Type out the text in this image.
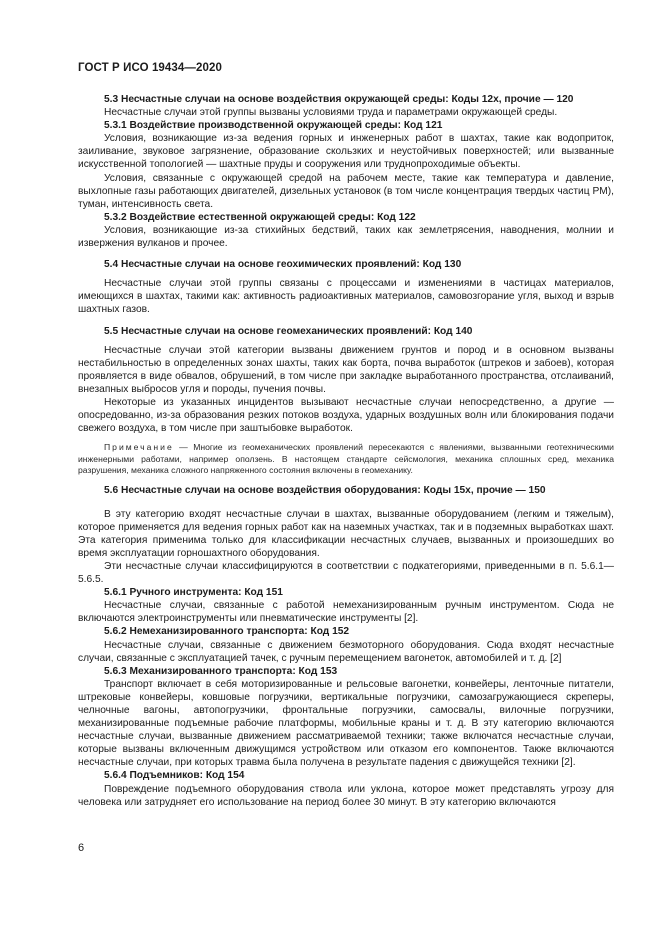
ГОСТ Р ИСО 19434—2020

5.3 Несчастные случаи на основе воздействия окружающей среды: Коды 12x, прочие — 120

Несчастные случаи этой группы вызваны условиями труда и параметрами окружающей среды.

5.3.1 Воздействие производственной окружающей среды: Код 121

Условия, возникающие из-за ведения горных и инженерных работ в шахтах, такие как водоприток, заиливание, звуковое загрязнение, образование скользких и неустойчивых поверхностей; или вызванные искусственной топологией — шахтные пруды и сооружения или труднопроходимые объекты.

Условия, связанные с окружающей средой на рабочем месте, такие как температура и давление, выхлопные газы работающих двигателей, дизельных установок (в том числе концентрация твердых частиц PM), туман, интенсивность света.

5.3.2 Воздействие естественной окружающей среды: Код 122

Условия, возникающие из-за стихийных бедствий, таких как землетрясения, наводнения, молнии и извержения вулканов и прочее.

5.4 Несчастные случаи на основе геохимических проявлений: Код 130

Несчастные случаи этой группы связаны с процессами и изменениями в частицах материалов, имеющихся в шахтах, такими как: активность радиоактивных материалов, самовозгорание угля, выход и взрыв шахтных газов.

5.5 Несчастные случаи на основе геомеханических проявлений: Код 140

Несчастные случаи этой категории вызваны движением грунтов и пород и в основном вызваны нестабильностью в определенных зонах шахты, таких как борта, почва выработок (штреков и забоев), которая проявляется в виде обвалов, обрушений, в том числе при закладке выработанного пространства, отслаиваний, внезапных выбросов угля и породы, пучения почвы.

Некоторые из указанных инцидентов вызывают несчастные случаи непосредственно, а другие — опосредованно, из-за образования резких потоков воздуха, ударных воздушных волн или блокирования подачи свежего воздуха, в том числе при заштыбовке выработок.

Примечание — Многие из геомеханических проявлений пересекаются с явлениями, вызванными геотехническими инженерными работами, например оползень. В настоящем стандарте сейсмология, механика сплошных сред, механика разрушения, механика сложного напряженного состояния включены в геомеханику.

5.6 Несчастные случаи на основе воздействия оборудования: Коды 15x, прочие — 150

В эту категорию входят несчастные случаи в шахтах, вызванные оборудованием (легким и тяжелым), которое применяется для ведения горных работ как на наземных участках, так и в подземных выработках шахт. Эта категория применима только для классификации несчастных случаев, вызванных и произошедших во время эксплуатации горношахтного оборудования.

Эти несчастные случаи классифицируются в соответствии с подкатегориями, приведенными в п. 5.6.1—5.6.5.

5.6.1 Ручного инструмента: Код 151

Несчастные случаи, связанные с работой немеханизированным ручным инструментом. Сюда не включаются электроинструменты или пневматические инструменты [2].

5.6.2 Немеханизированного транспорта: Код 152

Несчастные случаи, связанные с движением безмоторного оборудования. Сюда входят несчастные случаи, связанные с эксплуатацией тачек, с ручным перемещением вагонеток, автомобилей и т. д. [2]

5.6.3 Механизированного транспорта: Код 153

Транспорт включает в себя моторизированные и рельсовые вагонетки, конвейеры, ленточные питатели, штрековые конвейеры, ковшовые погрузчики, вертикальные погрузчики, самозагружающиеся скреперы, челночные вагоны, автопогрузчики, фронтальные погрузчики, самосвалы, вилочные погрузчики, механизированные подъемные рабочие платформы, мобильные краны и т. д. В эту категорию включаются несчастные случаи, вызванные движением рассматриваемой техники; также включатся несчастные случаи, которые вызваны включенным движущимся устройством или отказом его компонентов. Также включаются несчастные случаи, при которых травма была получена в результате падения с движущейся техники [2].

5.6.4 Подъемников: Код 154

Повреждение подъемного оборудования ствола или уклона, которое может представлять угрозу для человека или затрудняет его использование на период более 30 минут. В эту категорию включаются

6
